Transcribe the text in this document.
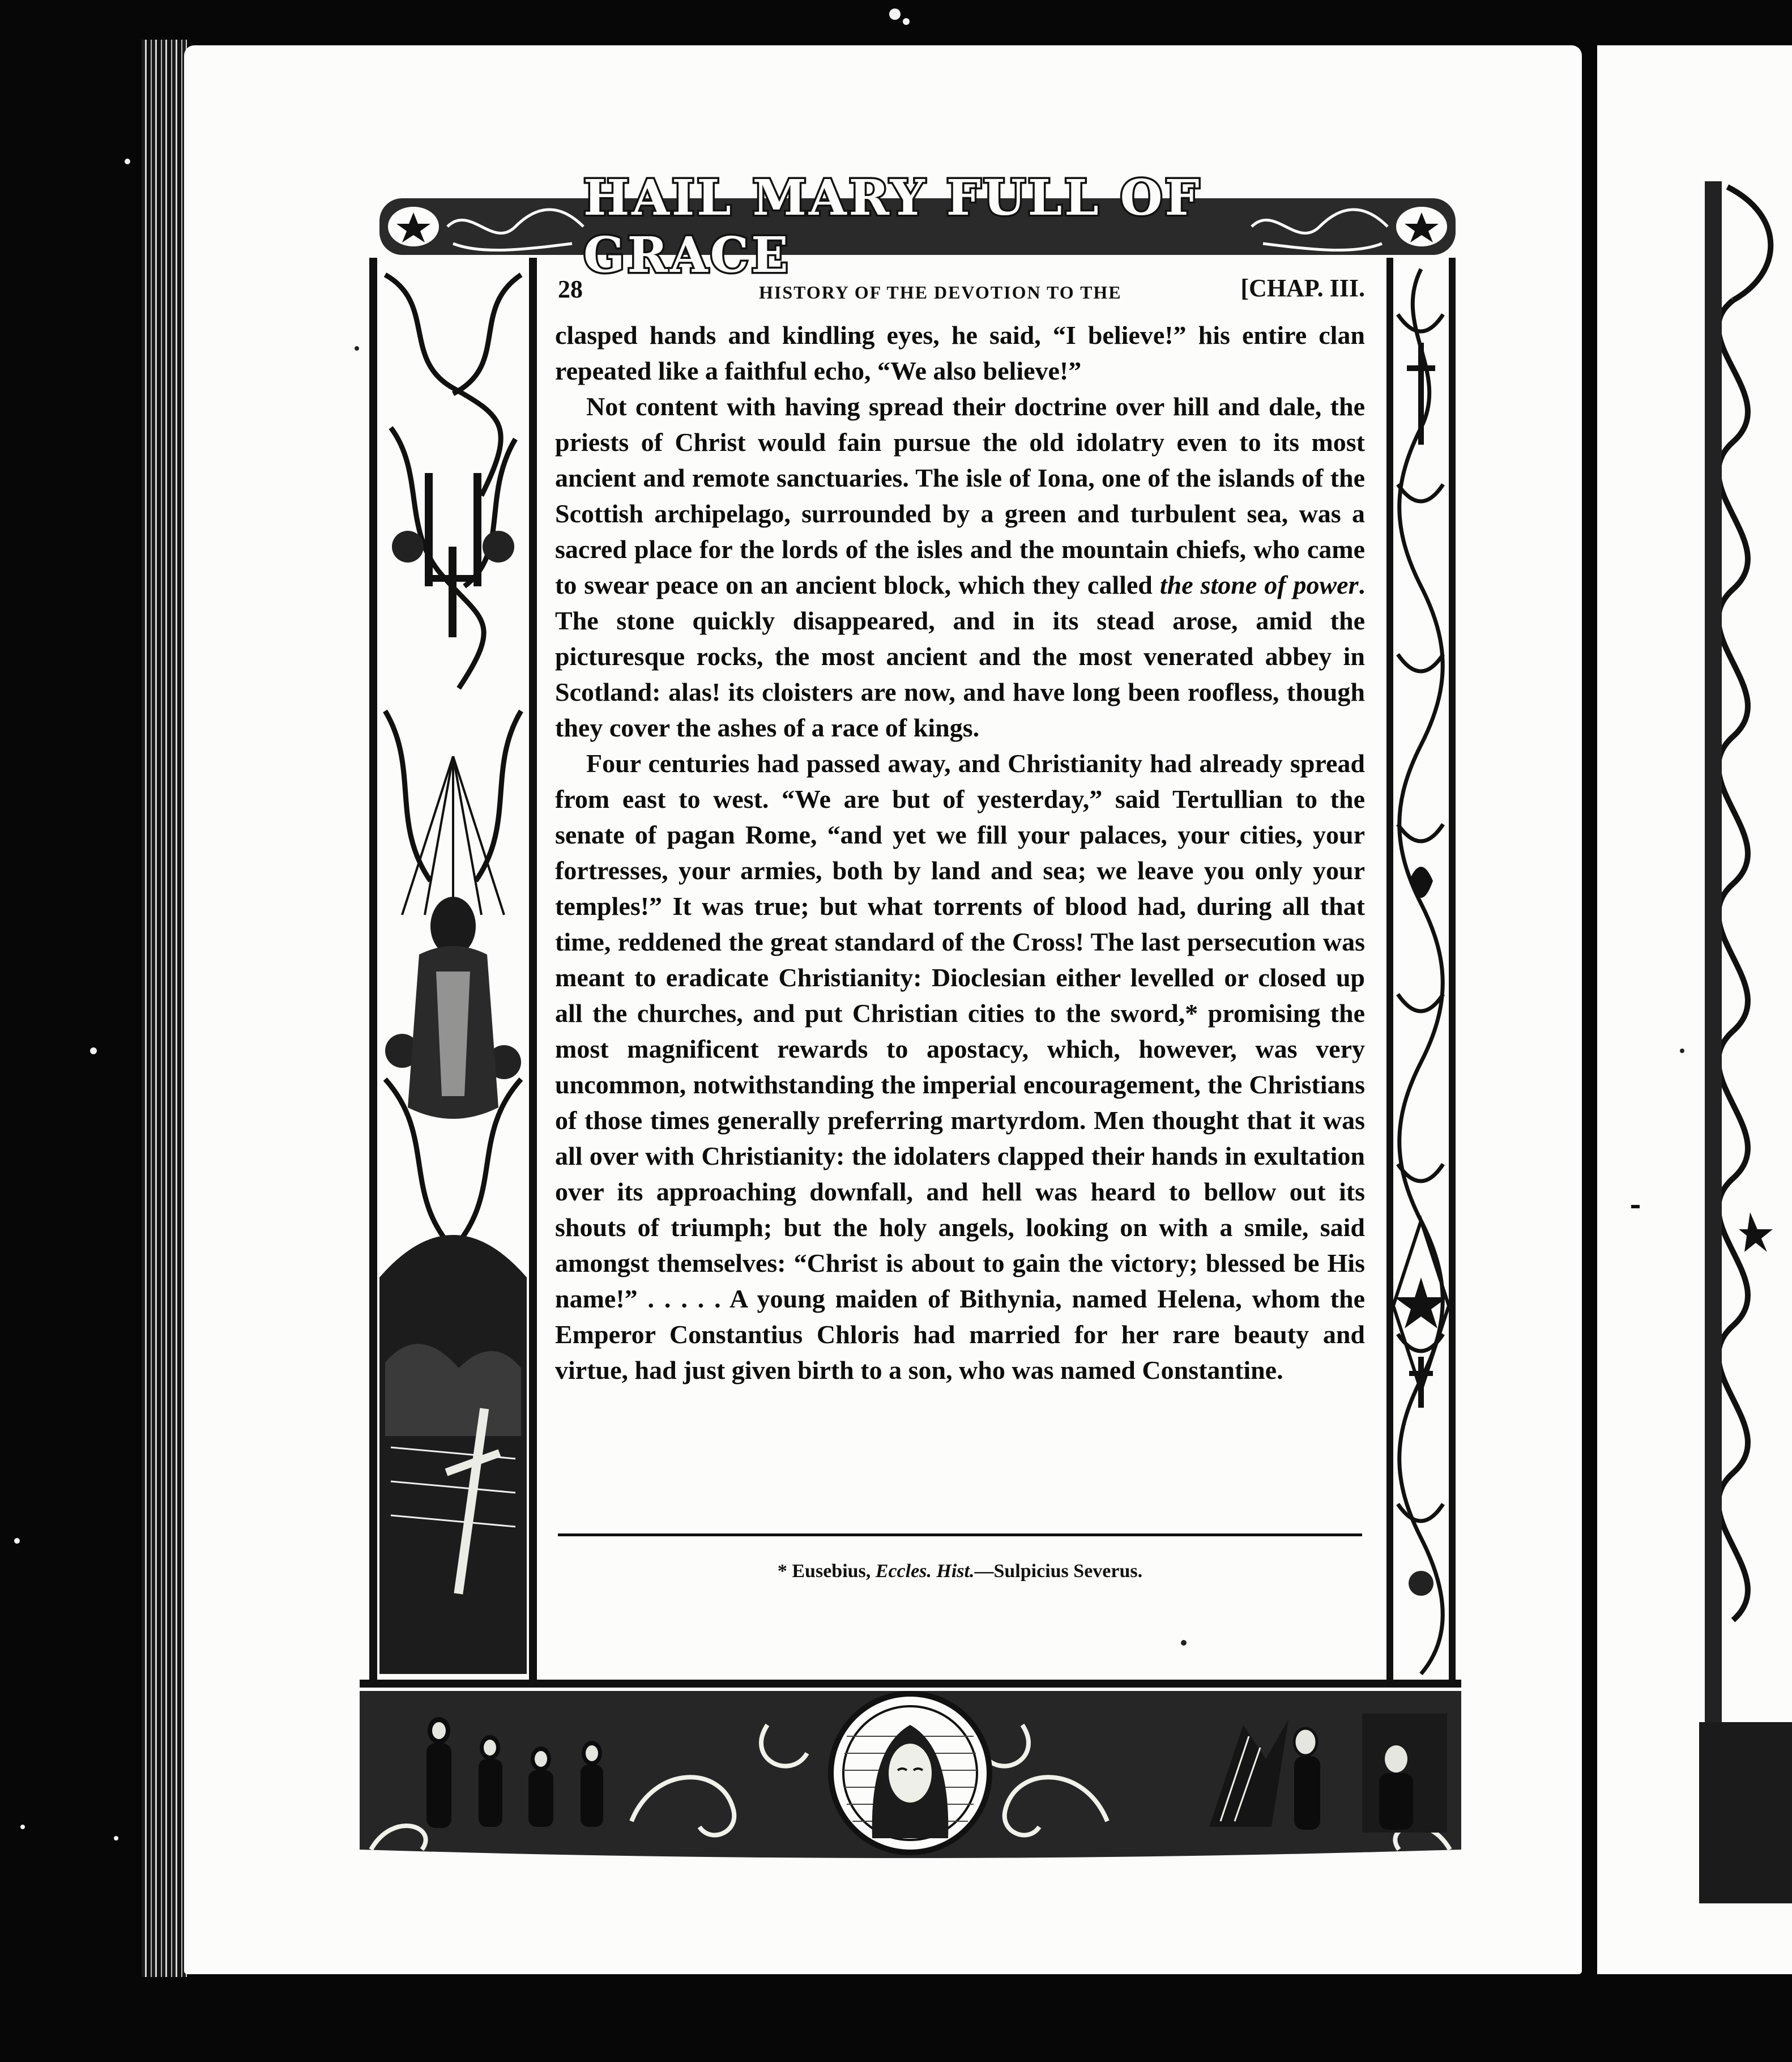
HAIL MARY FULL OF GRACE
28	HISTORY OF THE DEVOTION TO THE	[CHAP. III.

clasped hands and kindling eyes, he said, “I believe!” his entire clan repeated like a faithful echo, “We also believe!”

Not content with having spread their doctrine over hill and dale, the priests of Christ would fain pursue the old idolatry even to its most ancient and remote sanctuaries. The isle of Iona, one of the islands of the Scottish archipelago, surrounded by a green and turbulent sea, was a sacred place for the lords of the isles and the mountain chiefs, who came to swear peace on an ancient block, which they called the stone of power. The stone quickly disappeared, and in its stead arose, amid the picturesque rocks, the most ancient and the most venerated abbey in Scotland: alas! its cloisters are now, and have long been roofless, though they cover the ashes of a race of kings.

Four centuries had passed away, and Christianity had already spread from east to west. “We are but of yesterday,” said Tertullian to the senate of pagan Rome, “and yet we fill your palaces, your cities, your fortresses, your armies, both by land and sea; we leave you only your temples!” It was true; but what torrents of blood had, during all that time, reddened the great standard of the Cross! The last persecution was meant to eradicate Christianity: Dioclesian either levelled or closed up all the churches, and put Christian cities to the sword,* promising the most magnificent rewards to apostacy, which, however, was very uncommon, notwithstanding the imperial encouragement, the Christians of those times generally preferring martyrdom. Men thought that it was all over with Christianity: the idolaters clapped their hands in exultation over its approaching downfall, and hell was heard to bellow out its shouts of triumph; but the holy angels, looking on with a smile, said amongst themselves: “Christ is about to gain the victory; blessed be His name!” . . . . . A young maiden of Bithynia, named Helena, whom the Emperor Constantius Chloris had married for her rare beauty and virtue, had just given birth to a son, who was named Constantine.

* Eusebius, Eccles. Hist.—Sulpicius Severus.
